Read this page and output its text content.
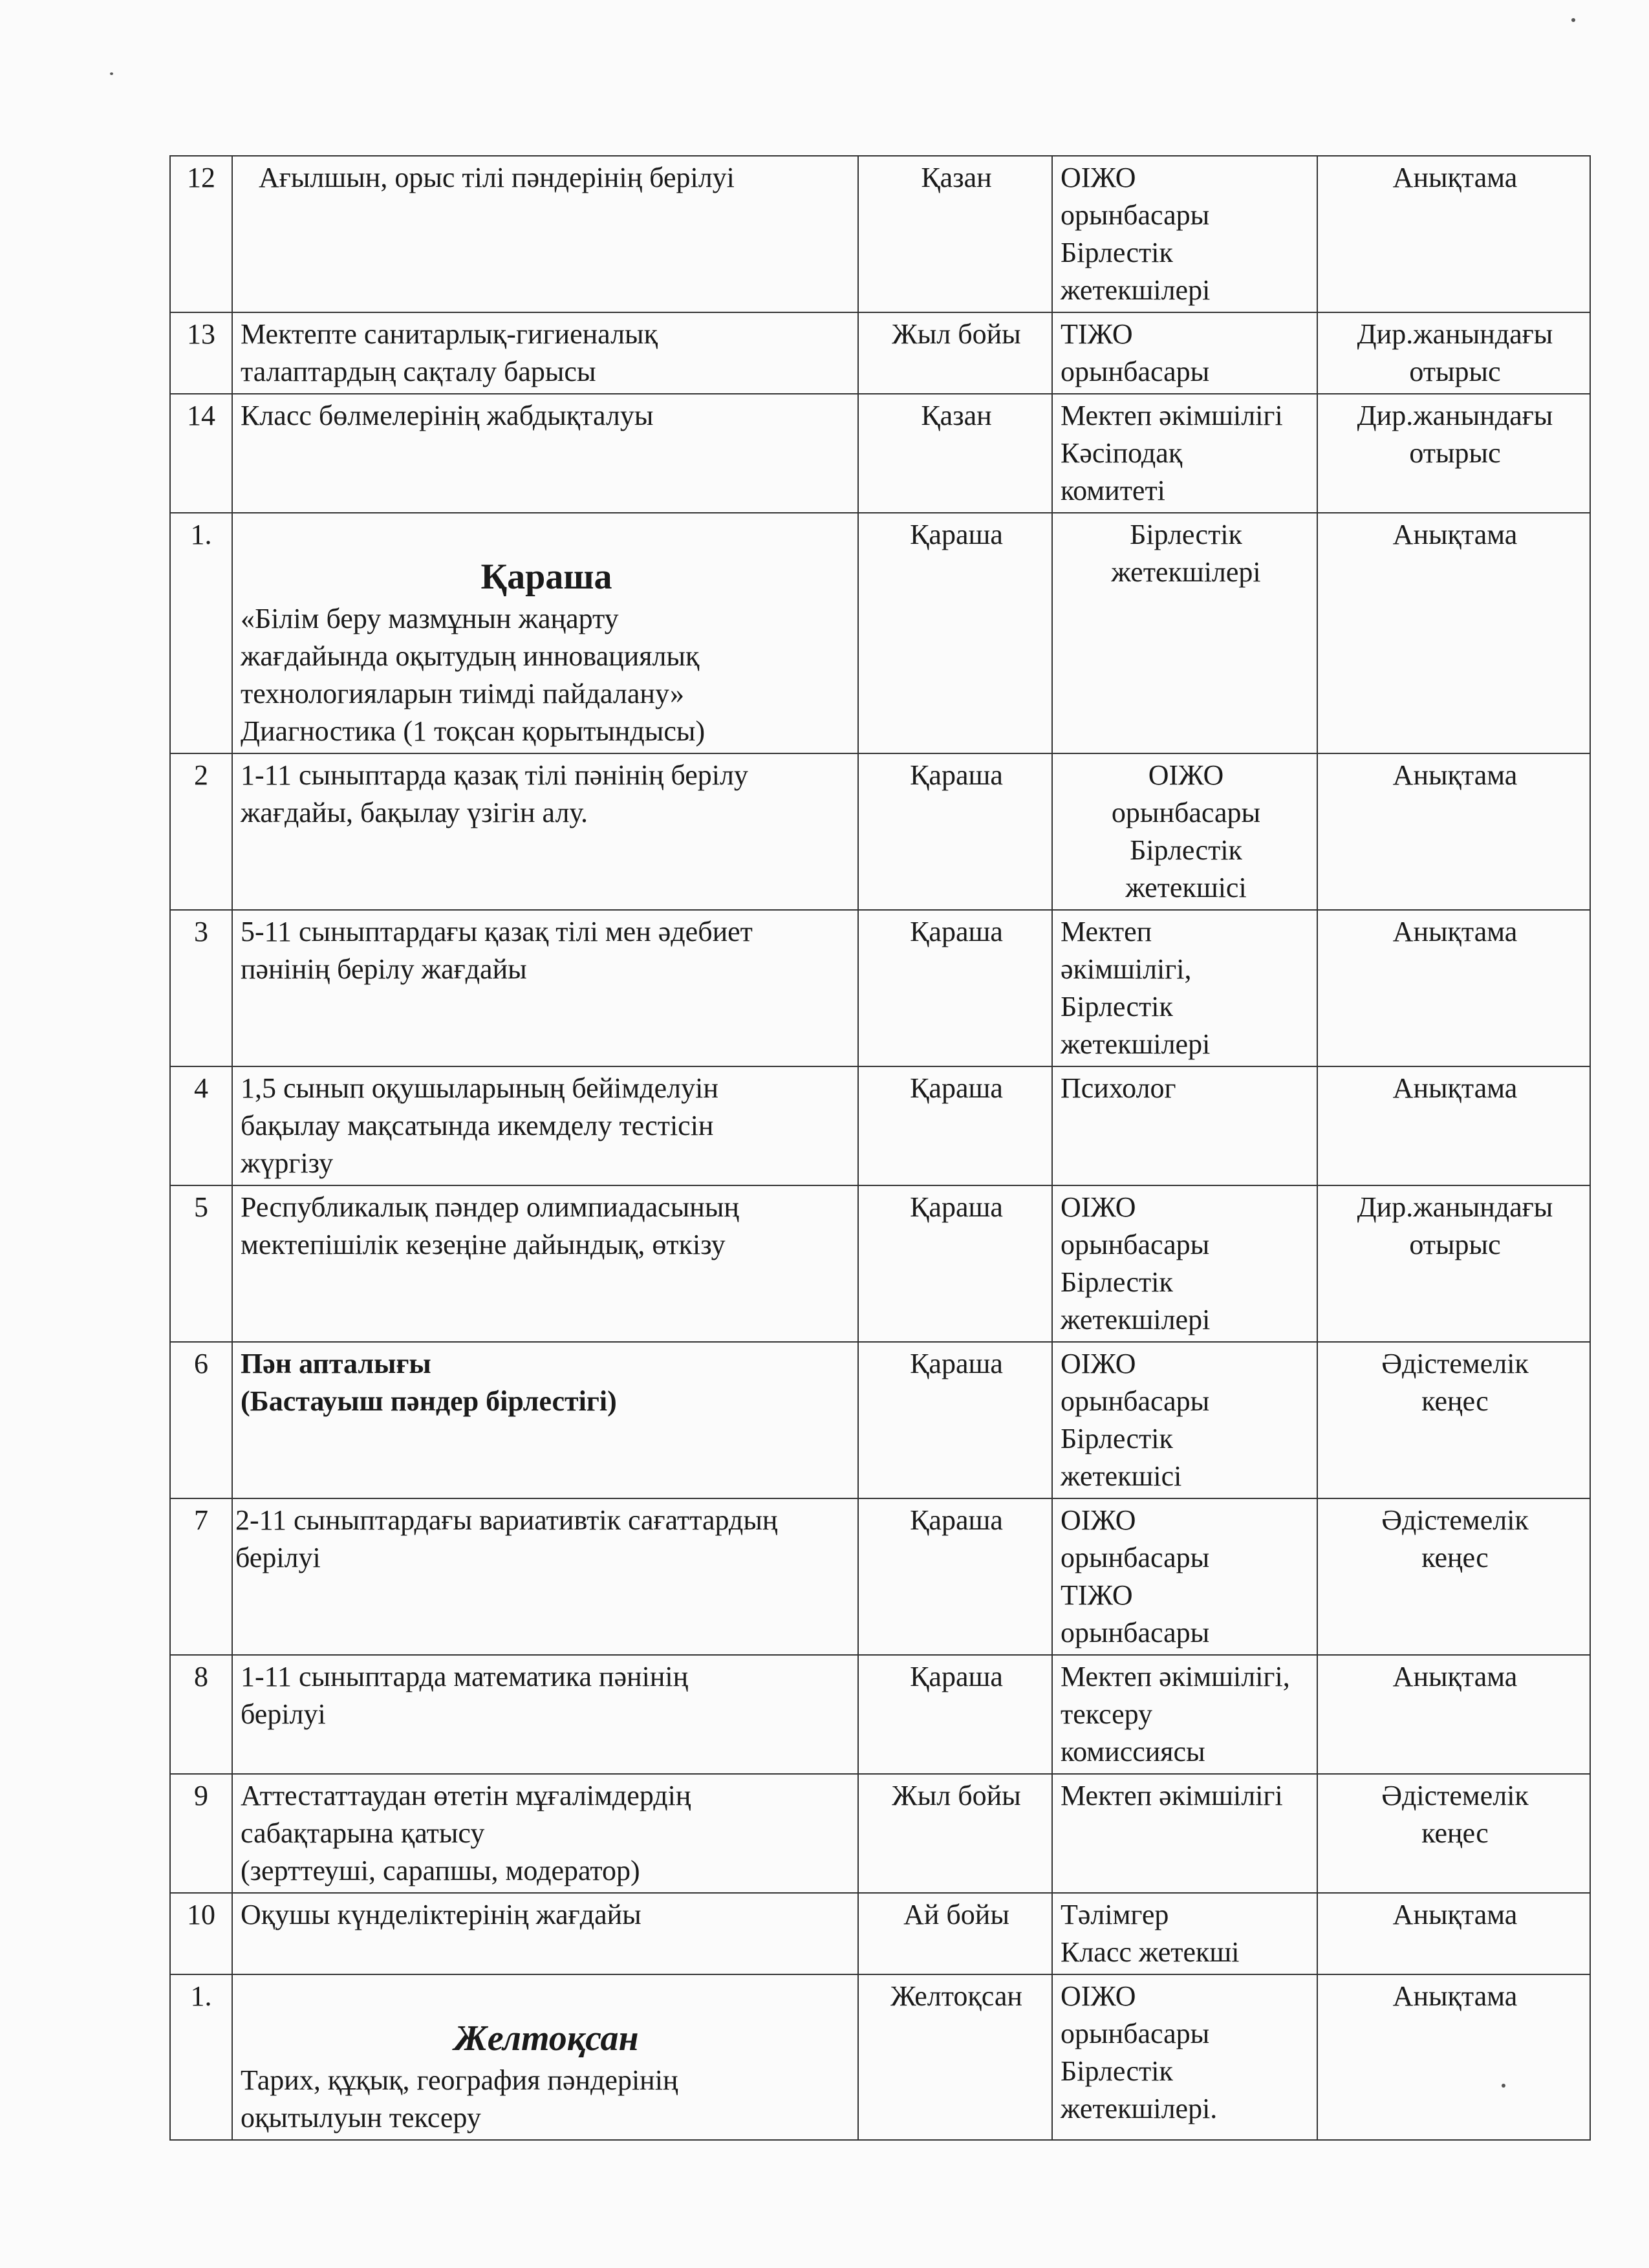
12	Ағылшын, орыс тілі пәндерінің берілуі	Қазан	ОІЖО
орынбасары
Бірлестік
жетекшілері	Анықтама
13	Мектепте санитарлық-гигиеналық
талаптардың сақталу барысы	Жыл бойы	ТІЖО
орынбасары	Дир.жанындағы
отырыс
14	Класс бөлмелерінің жабдықталуы	Қазан	Мектеп әкімшілігі
Кәсіподақ
комитеті	Дир.жанындағы
отырыс
1.	Қараша
«Білім беру мазмұнын жаңарту
жағдайында оқытудың инновациялық
технологияларын тиімді пайдалану»
Диагностика (1 тоқсан қорытындысы)	Қараша	Бірлестік
жетекшілері	Анықтама
2	1-11 сыныптарда қазақ тілі пәнінің берілу
жағдайы, бақылау үзігін алу.	Қараша	ОІЖО
орынбасары
Бірлестік
жетекшісі	Анықтама
3	5-11 сыныптардағы қазақ тілі мен әдебиет
пәнінің берілу жағдайы	Қараша	Мектеп
әкімшілігі,
Бірлестік
жетекшілері	Анықтама
4	1,5 сынып оқушыларының бейімделуін
бақылау мақсатында икемделу тестісін
жүргізу	Қараша	Психолог	Анықтама
5	Республикалық пәндер олимпиадасының
мектепішілік кезеңіне дайындық, өткізу	Қараша	ОІЖО
орынбасары
Бірлестік
жетекшілері	Дир.жанындағы
отырыс
6	Пән апталығы
(Бастауыш пәндер бірлестігі)	Қараша	ОІЖО
орынбасары
Бірлестік
жетекшісі	Әдістемелік
кеңес
7	2-11 сыныптардағы вариативтік сағаттардың
берілуі	Қараша	ОІЖО
орынбасары
ТІЖО
орынбасары	Әдістемелік
кеңес
8	1-11 сыныптарда математика пәнінің
берілуі	Қараша	Мектеп әкімшілігі,
тексеру
комиссиясы	Анықтама
9	Аттестаттаудан өтетін мұғалімдердің
сабақтарына қатысу
(зерттеуші, сарапшы, модератор)	Жыл бойы	Мектеп әкімшілігі	Әдістемелік
кеңес
10	Оқушы күнделіктерінің жағдайы	Ай бойы	Тәлімгер
Класс жетекші	Анықтама
1.	Желтоқсан
Тарих, құқық, география пәндерінің
оқытылуын тексеру	Желтоқсан	ОІЖО
орынбасары
Бірлестік
жетекшілері.	Анықтама
